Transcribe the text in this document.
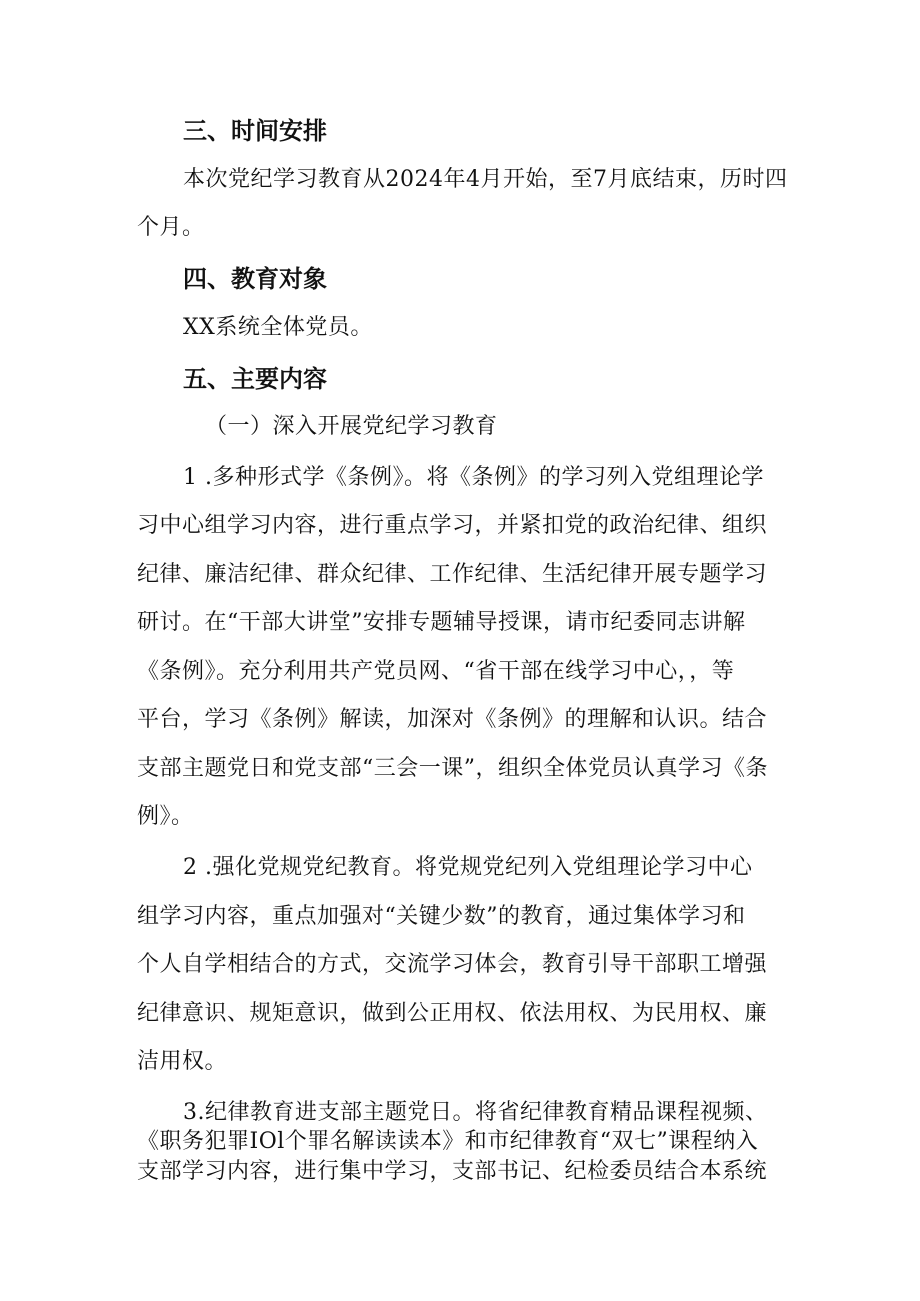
三、时间安排
本次党纪学习教育从2024年4月开始，至7月底结束，历时四
个月。
四、教育对象
XX系统全体党员。
五、主要内容
（一）深入开展党纪学习教育
1 .多种形式学《条例》。将《条例》的学习列入党组理论学
习中心组学习内容，进行重点学习，并紧扣党的政治纪律、组织
纪律、廉洁纪律、群众纪律、工作纪律、生活纪律开展专题学习
研讨。在“干部大讲堂”安排专题辅导授课，请市纪委同志讲解
《条例》。充分利用共产党员网、“省干部在线学习中心，，等
平台，学习《条例》解读，加深对《条例》的理解和认识。结合
支部主题党日和党支部“三会一课”，组织全体党员认真学习《条
例》。
2 .强化党规党纪教育。将党规党纪列入党组理论学习中心
组学习内容，重点加强对“关键少数”的教育，通过集体学习和
个人自学相结合的方式，交流学习体会，教育引导干部职工增强
纪律意识、规矩意识，做到公正用权、依法用权、为民用权、廉
洁用权。
3.纪律教育进支部主题党日。将省纪律教育精品课程视频、
《职务犯罪IOl个罪名解读读本》和市纪律教育“双七”课程纳入
支部学习内容，进行集中学习，支部书记、纪检委员结合本系统
